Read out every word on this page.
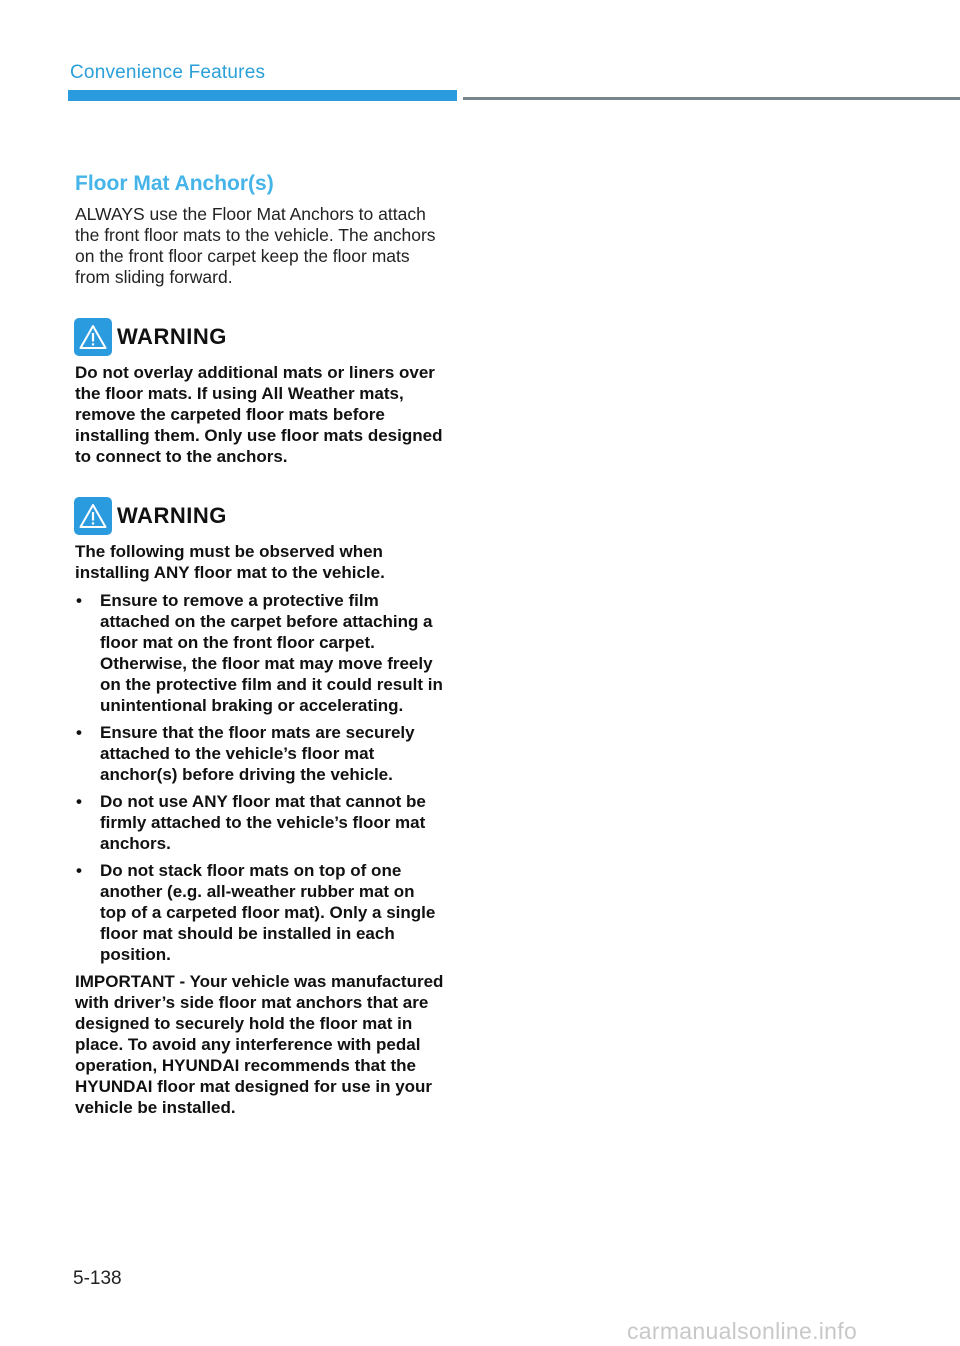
Convenience Features
Floor Mat Anchor(s)

ALWAYS use the Floor Mat Anchors to attach the front floor mats to the vehicle. The anchors on the front floor carpet keep the floor mats from sliding forward.

WARNING

Do not overlay additional mats or liners over the floor mats. If using All Weather mats, remove the carpeted floor mats before installing them. Only use floor mats designed to connect to the anchors.

WARNING

The following must be observed when installing ANY floor mat to the vehicle.

• Ensure to remove a protective film attached on the carpet before attaching a floor mat on the front floor carpet. Otherwise, the floor mat may move freely on the protective film and it could result in unintentional braking or accelerating.
• Ensure that the floor mats are securely attached to the vehicle’s floor mat anchor(s) before driving the vehicle.
• Do not use ANY floor mat that cannot be firmly attached to the vehicle’s floor mat anchors.
• Do not stack floor mats on top of one another (e.g. all-weather rubber mat on top of a carpeted floor mat). Only a single floor mat should be installed in each position.

IMPORTANT - Your vehicle was manufactured with driver’s side floor mat anchors that are designed to securely hold the floor mat in place. To avoid any interference with pedal operation, HYUNDAI recommends that the HYUNDAI floor mat designed for use in your vehicle be installed.

5-138
carmanualsonline.info
